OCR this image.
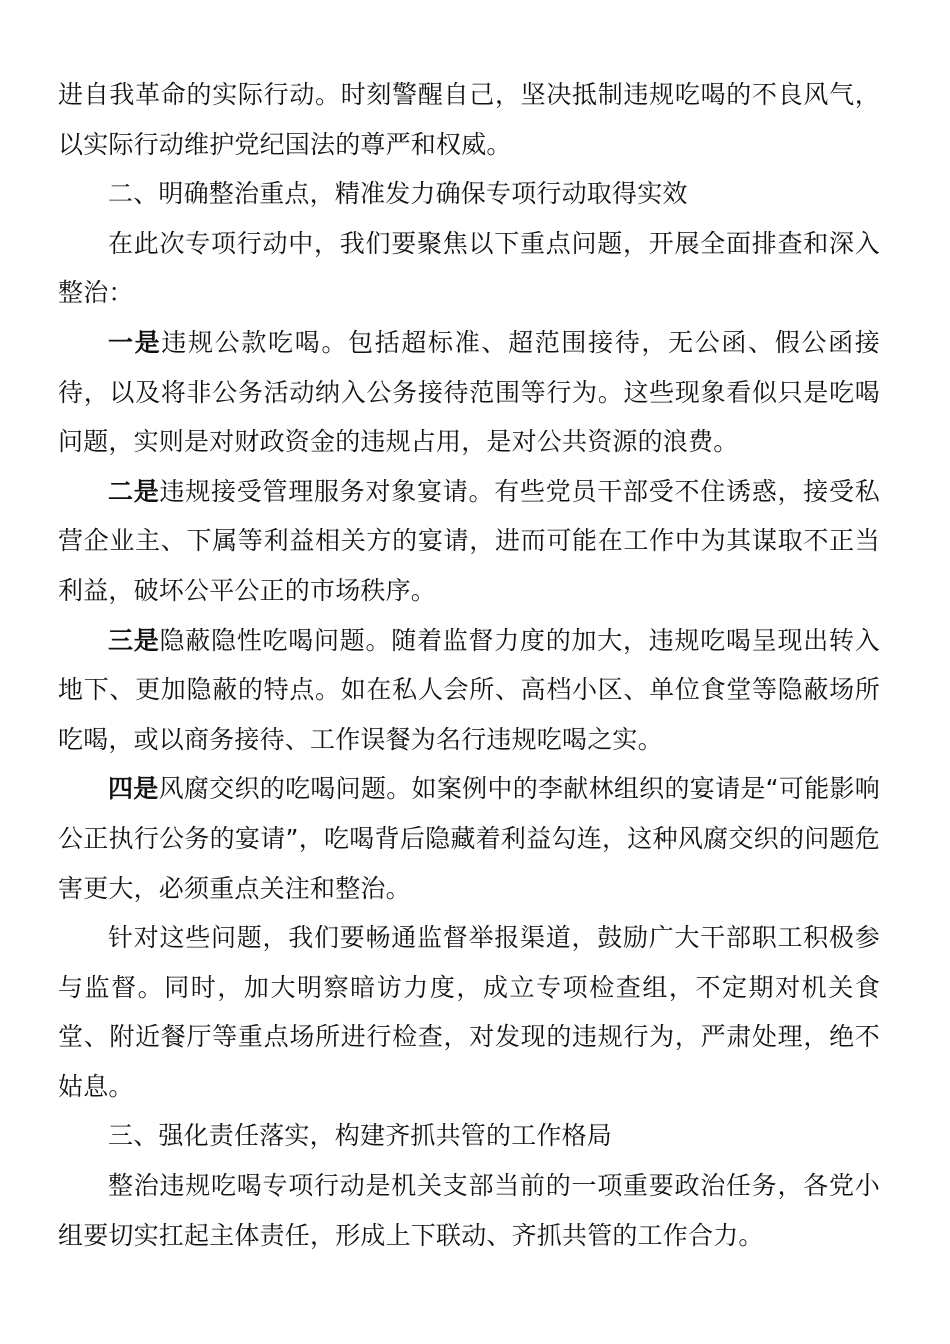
进自我革命的实际行动。时刻警醒自己，坚决抵制违规吃喝的不良风气，以实际行动维护党纪国法的尊严和权威。

二、明确整治重点，精准发力确保专项行动取得实效

在此次专项行动中，我们要聚焦以下重点问题，开展全面排查和深入整治：

一是违规公款吃喝。包括超标准、超范围接待，无公函、假公函接待，以及将非公务活动纳入公务接待范围等行为。这些现象看似只是吃喝问题，实则是对财政资金的违规占用，是对公共资源的浪费。

二是违规接受管理服务对象宴请。有些党员干部受不住诱惑，接受私营企业主、下属等利益相关方的宴请，进而可能在工作中为其谋取不正当利益，破坏公平公正的市场秩序。

三是隐蔽隐性吃喝问题。随着监督力度的加大，违规吃喝呈现出转入地下、更加隐蔽的特点。如在私人会所、高档小区、单位食堂等隐蔽场所吃喝，或以商务接待、工作误餐为名行违规吃喝之实。

四是风腐交织的吃喝问题。如案例中的李献林组织的宴请是“可能影响公正执行公务的宴请”，吃喝背后隐藏着利益勾连，这种风腐交织的问题危害更大，必须重点关注和整治。

针对这些问题，我们要畅通监督举报渠道，鼓励广大干部职工积极参与监督。同时，加大明察暗访力度，成立专项检查组，不定期对机关食堂、附近餐厅等重点场所进行检查，对发现的违规行为，严肃处理，绝不姑息。

三、强化责任落实，构建齐抓共管的工作格局

整治违规吃喝专项行动是机关支部当前的一项重要政治任务，各党小组要切实扛起主体责任，形成上下联动、齐抓共管的工作合力。
